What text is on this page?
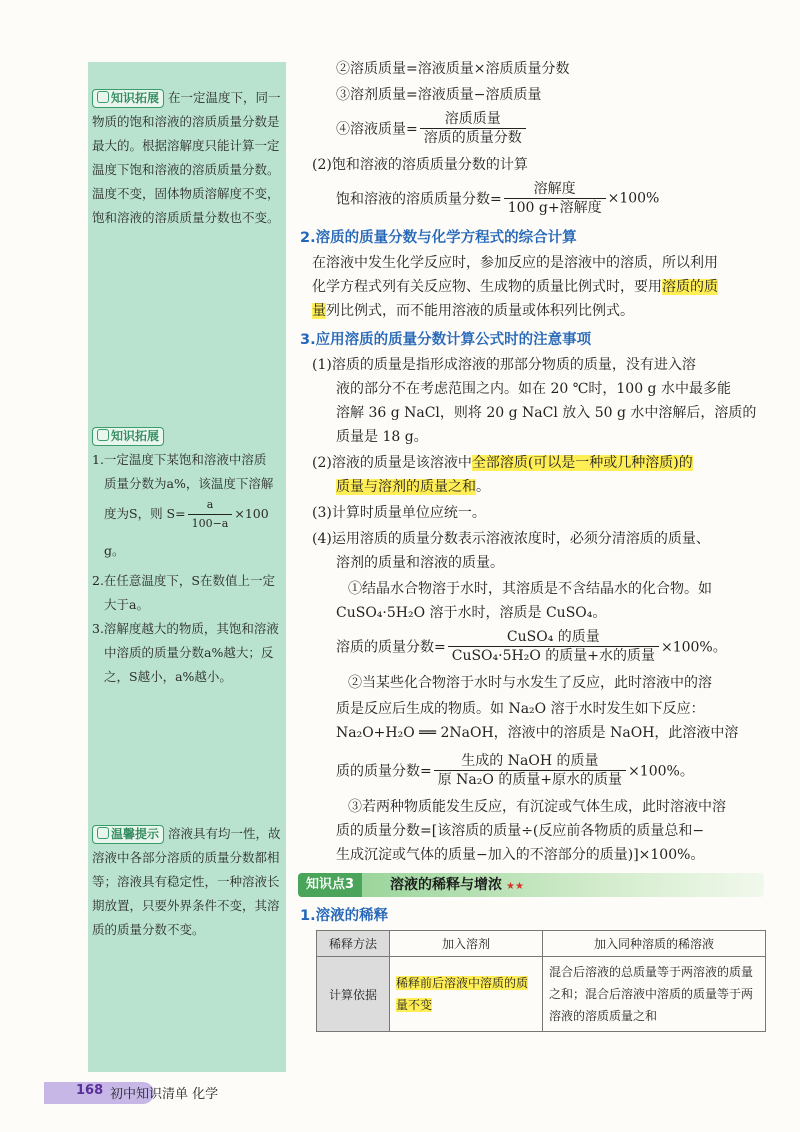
知识拓展 在一定温度下，同一物质的饱和溶液的溶质质量分数是最大的。根据溶解度只能计算一定温度下饱和溶液的溶质质量分数。温度不变，固体物质溶解度不变，饱和溶液的溶质质量分数也不变。
知识拓展
1.一定温度下某饱和溶液中溶质
质量分数为a%，该温度下溶解
度为S，则 $S= \frac{a}{100-a} \times 100$ g。
2.在任意温度下，S在数值上一定大于a。
3.溶解度越大的物质，其饱和溶液中溶质的质量分数a%越大；反之，S越小，a%越小。
温馨提示 溶液具有均一性，故溶液中各部分溶质的质量分数都相等；溶液具有稳定性，一种溶液长期放置，只要外界条件不变，其溶质的质量分数不变。
②溶质质量=溶液质量×溶质质量分数
③溶剂质量=溶液质量−溶质质量
④溶液质量= $\frac{\text{溶质质量}}{\text{溶质的质量分数}}$
(2)饱和溶液的溶质质量分数的计算
饱和溶液的溶质质量分数= $\frac{\text{溶解度}}{\text{100 g+溶解度}} \times 100\%$
2.溶质的质量分数与化学方程式的综合计算
在溶液中发生化学反应时，参加反应的是溶液中的溶质，所以利用
化学方程式列有关反应物、生成物的质量比例式时，要用溶质的质
量列比例式，而不能用溶液的质量或体积列比例式。
3.应用溶质的质量分数计算公式时的注意事项
(1)溶质的质量是指形成溶液的那部分物质的质量，没有进入溶
液的部分不在考虑范围之内。如在 20 ℃时，100 g 水中最多能
溶解 36 g NaCl，则将 20 g NaCl 放入 50 g 水中溶解后，溶质的
质量是 18 g。
(2)溶液的质量是该溶液中全部溶质(可以是一种或几种溶质)的
质量与溶剂的质量之和。
(3)计算时质量单位应统一。
(4)运用溶质的质量分数表示溶液浓度时，必须分清溶质的质量、
溶剂的质量和溶液的质量。
①结晶水合物溶于水时，其溶质是不含结晶水的化合物。如
CuSO₄·5H₂O 溶于水时，溶质是 CuSO₄。
溶质的质量分数= $\frac{\text{CuSO₄ 的质量}}{\text{CuSO₄·5H₂O 的质量+水的质量}} \times 100\%$。
②当某些化合物溶于水时与水发生了反应，此时溶液中的溶
质是反应后生成的物质。如 Na₂O 溶于水时发生如下反应：
Na₂O+H₂O ══ 2NaOH，溶液中的溶质是 NaOH，此溶液中溶
质的质量分数= $\frac{\text{生成的 NaOH 的质量}}{\text{原 Na₂O 的质量+原水的质量}} \times 100\%$。
③若两种物质能发生反应，有沉淀或气体生成，此时溶液中溶
质的质量分数=[该溶质的质量÷(反应前各物质的质量总和−
生成沉淀或气体的质量−加入的不溶部分的质量)]×100%。
知识点3	溶液的稀释与增浓 ★★
1.溶液的稀释
稀释方法	加入溶剂	加入同种溶质的稀溶液
计算依据	稀释前后溶液中溶质的质量不变	混合后溶液的总质量等于两溶液的质量之和；混合后溶液中溶质的质量等于两溶液的溶质质量之和
168 初中知识清单 化学
